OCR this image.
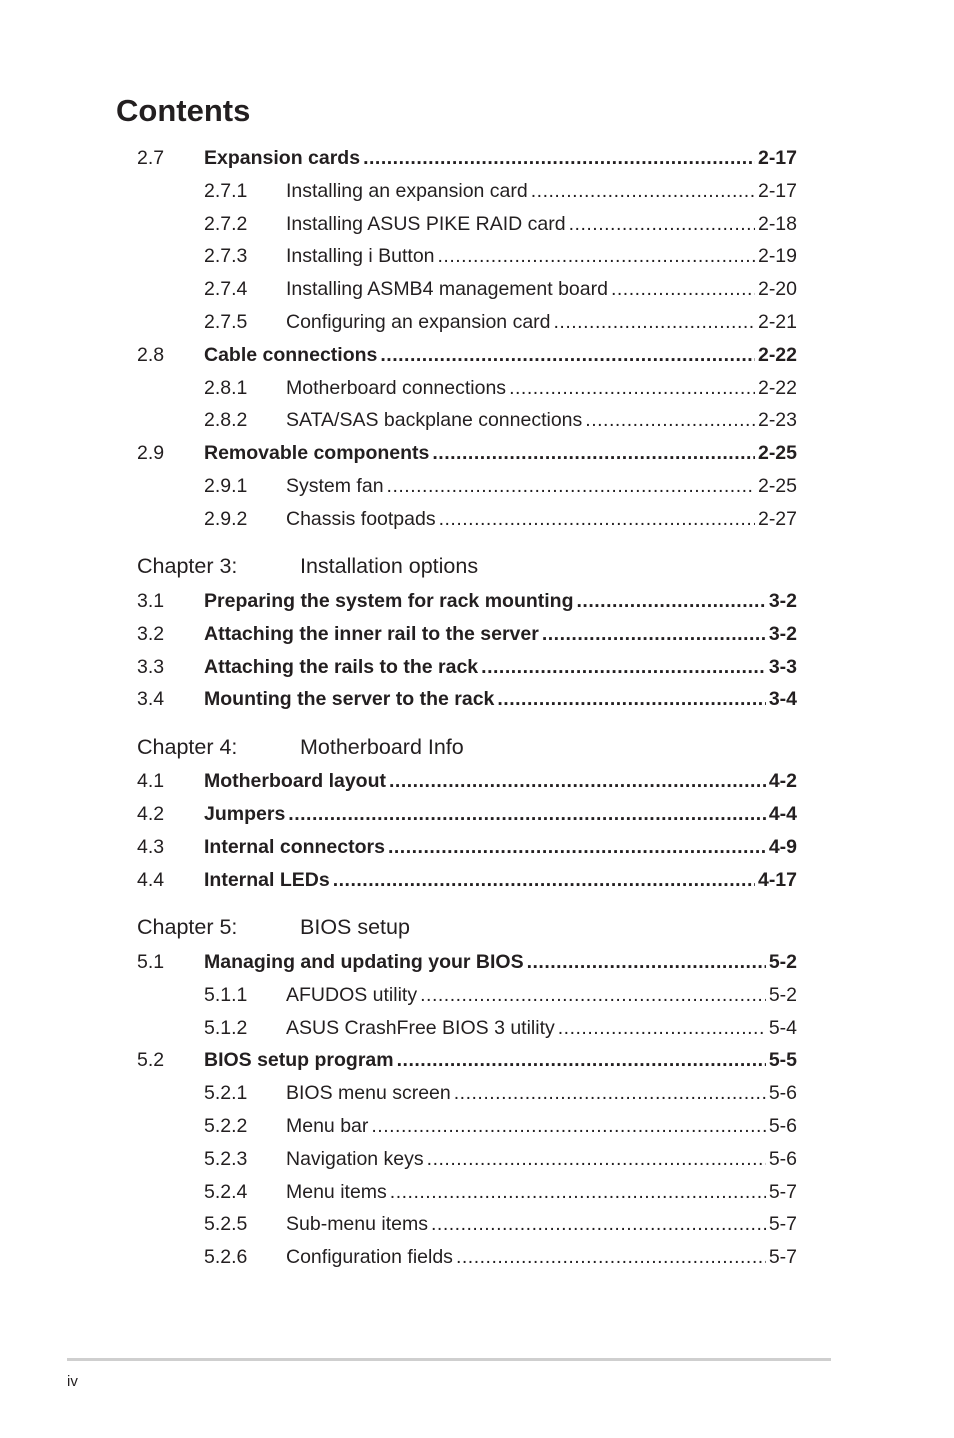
Contents
2.7 Expansion cards .....	2-17
2.7.1 Installing an expansion card .....	2-17
2.7.2 Installing ASUS PIKE RAID card .....	2-18
2.7.3 Installing i Button .....	2-19
2.7.4 Installing ASMB4 management board .....	2-20
2.7.5 Configuring an expansion card .....	2-21
2.8 Cable connections .....	2-22
2.8.1 Motherboard connections .....	2-22
2.8.2 SATA/SAS backplane connections .....	2-23
2.9 Removable components .....	2-25
2.9.1 System fan .....	2-25
2.9.2 Chassis footpads .....	2-27
Chapter 3:	Installation options
3.1 Preparing the system for rack mounting .....	3-2
3.2 Attaching the inner rail to the server .....	3-2
3.3 Attaching the rails to the rack .....	3-3
3.4 Mounting the server to the rack .....	3-4
Chapter 4:	Motherboard Info
4.1 Motherboard layout .....	4-2
4.2 Jumpers .....	4-4
4.3 Internal connectors .....	4-9
4.4 Internal LEDs .....	4-17
Chapter 5:	BIOS setup
5.1 Managing and updating your BIOS .....	5-2
5.1.1 AFUDOS utility .....	5-2
5.1.2 ASUS CrashFree BIOS 3 utility .....	5-4
5.2 BIOS setup program .....	5-5
5.2.1 BIOS menu screen .....	5-6
5.2.2 Menu bar .....	5-6
5.2.3 Navigation keys .....	5-6
5.2.4 Menu items .....	5-7
5.2.5 Sub-menu items .....	5-7
5.2.6 Configuration fields .....	5-7
iv
